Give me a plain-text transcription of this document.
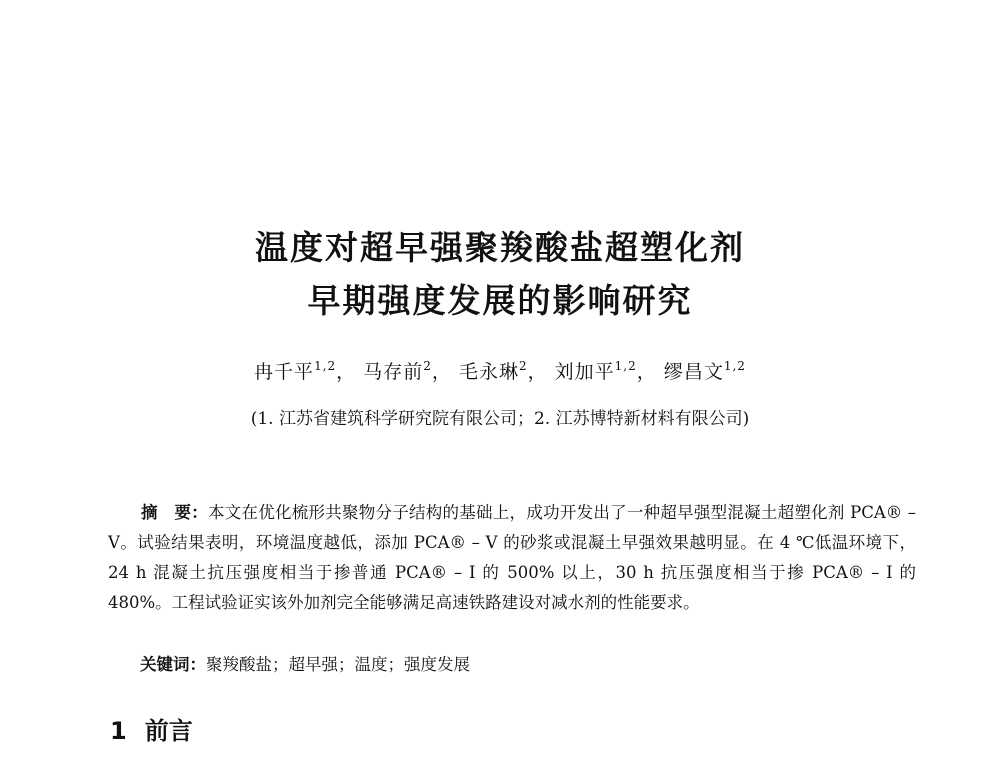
温度对超早强聚羧酸盐超塑化剂
早期强度发展的影响研究
冉千平$^{1,2}$， 马存前$^2$， 毛永琳$^2$， 刘加平$^{1,2}$， 缪昌文$^{1,2}$
(1. 江苏省建筑科学研究院有限公司；2. 江苏博特新材料有限公司)

摘　要：本文在优化梳形共聚物分子结构的基础上，成功开发出了一种超早强型混凝土超塑化剂 PCA® – V。试验结果表明，环境温度越低，添加 PCA® – V 的砂浆或混凝土早强效果越明显。在 4 ℃低温环境下，24 h 混凝土抗压强度相当于掺普通 PCA® – I 的 500% 以上，30 h 抗压强度相当于掺 PCA® – I 的 480%。工程试验证实该外加剂完全能够满足高速铁路建设对减水剂的性能要求。

关键词：聚羧酸盐；超早强；温度；强度发展
1 前言
